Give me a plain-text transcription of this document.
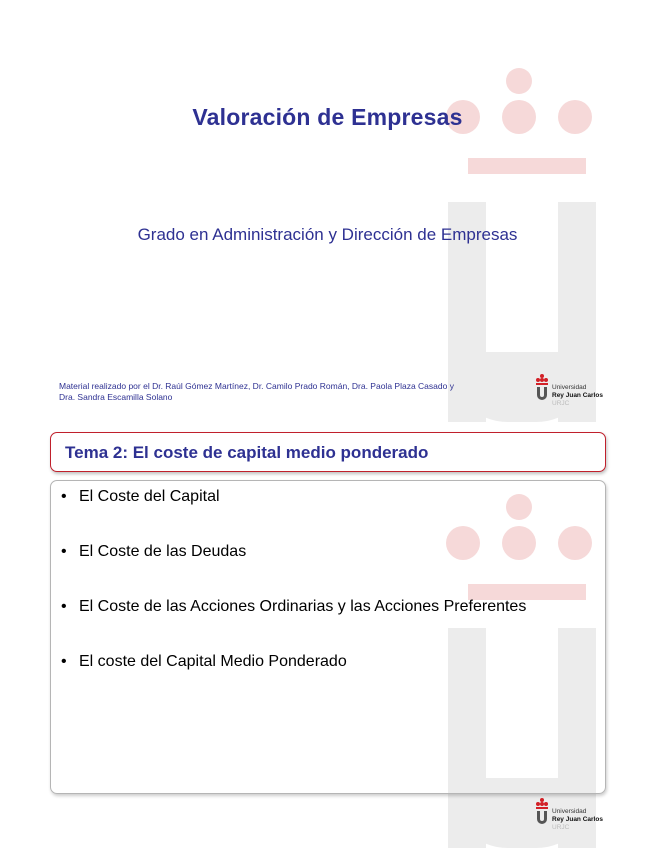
Valoración de Empresas
Grado en Administración y Dirección de Empresas
Material realizado por el Dr. Raúl Gómez Martínez, Dr. Camilo Prado Román, Dra. Paola Plaza Casado y
Dra. Sandra Escamilla Solano
Universidad
Rey Juan Carlos
URJC
Tema 2: El coste de capital medio ponderado
• El Coste del Capital
• El Coste de las Deudas
• El Coste de las Acciones Ordinarias y las Acciones Preferentes
• El coste del Capital Medio Ponderado
Universidad
Rey Juan Carlos
URJC
